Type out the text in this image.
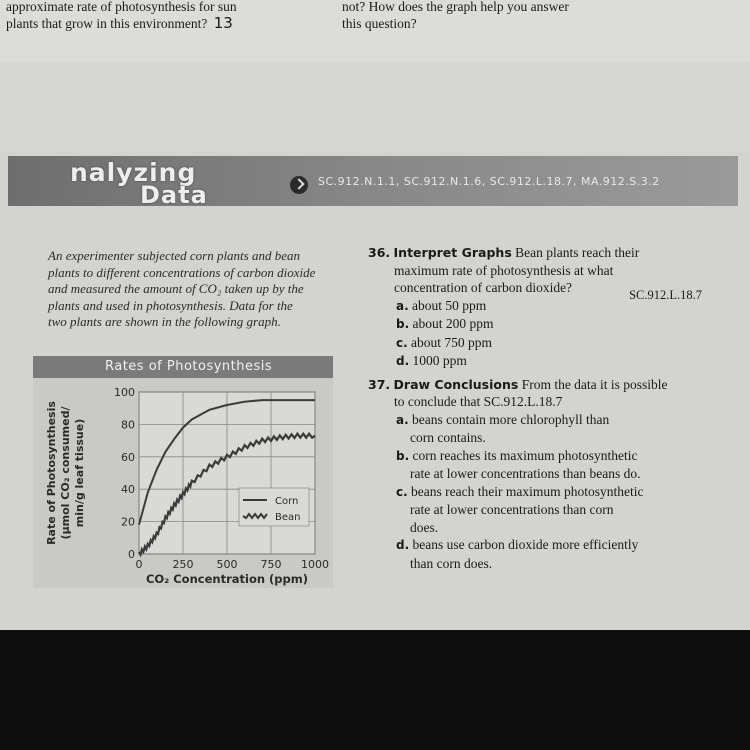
approximate rate of photosynthesis for sun
plants that grow in this environment? 13
not? How does the graph help you answer
this question?
nalyzing
Data	SC.912.N.1.1, SC.912.N.1.6, SC.912.L.18.7, MA.912.S.3.2
An experimenter subjected corn plants and bean
plants to different concentrations of carbon dioxide
and measured the amount of CO₂ taken up by the
plants and used in photosynthesis. Data for the
two plants are shown in the following graph.
Rates of Photosynthesis
0
20
40
60
80
100
0	250 500 750 1000
CO₂ Concentration (ppm)
Rate of Photosynthesis (µmol CO₂ consumed/ min/g leaf tissue)	Corn
Bean
36. Interpret Graphs Bean plants reach their
maximum rate of photosynthesis at what
concentration of carbon dioxide?
a. about 50 ppm
SC.912.L.18.7
b. about 200 ppm
c. about 750 ppm
d. 1000 ppm
37. Draw Conclusions From the data it is possible
to conclude that SC.912.L.18.7
a. beans contain more chlorophyll than
corn contains.
b. corn reaches its maximum photosynthetic
rate at lower concentrations than beans do.
c. beans reach their maximum photosynthetic
rate at lower concentrations than corn
does.
d. beans use carbon dioxide more efficiently
than corn does.
